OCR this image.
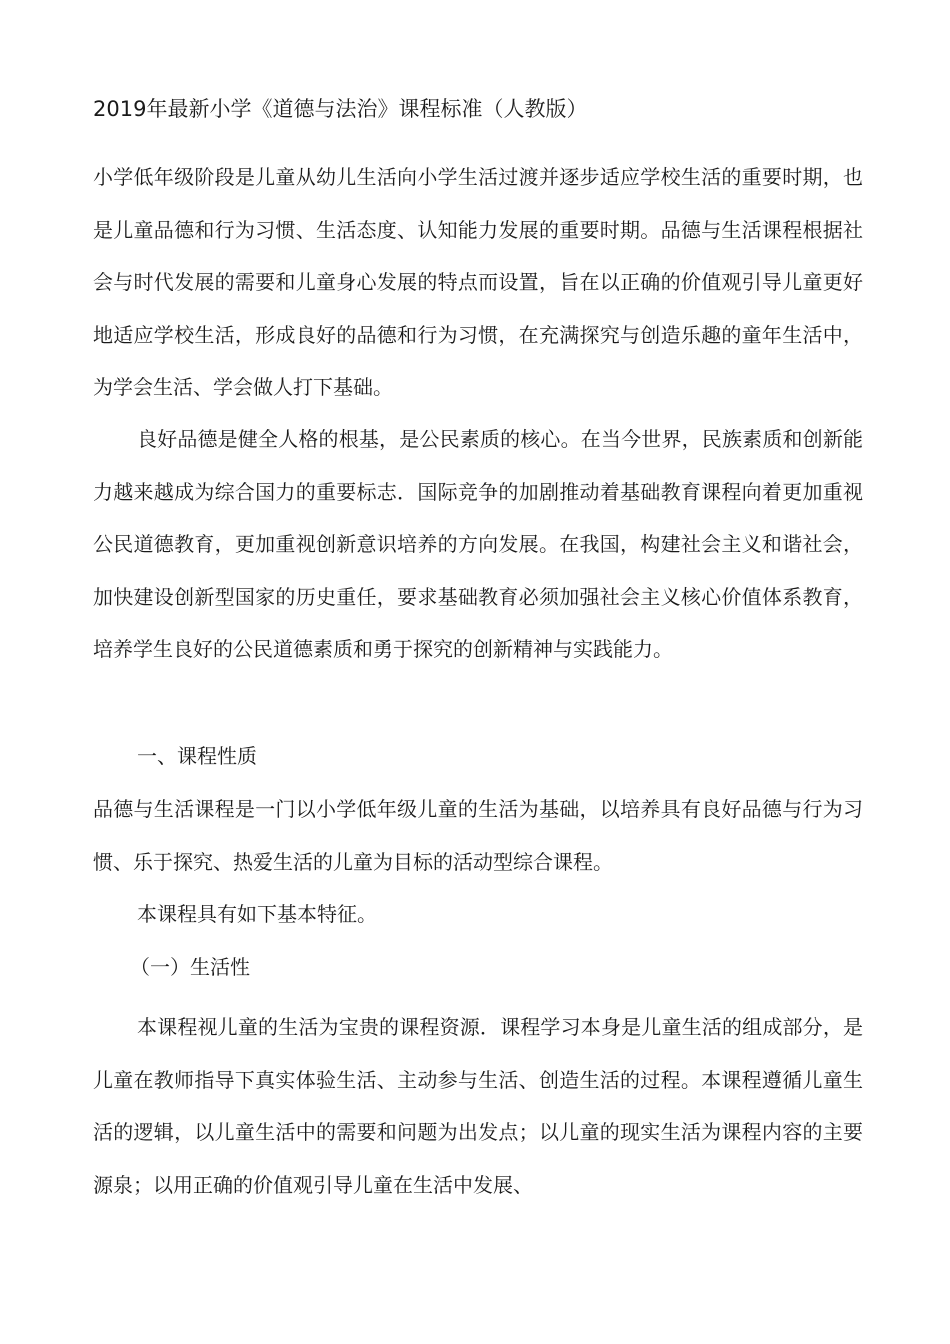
2019年最新小学《道德与法治》课程标准（人教版）

小学低年级阶段是儿童从幼儿生活向小学生活过渡并逐步适应学校生活的重要时期，也是儿童品德和行为习惯、生活态度、认知能力发展的重要时期。品德与生活课程根据社会与时代发展的需要和儿童身心发展的特点而设置，旨在以正确的价值观引导儿童更好地适应学校生活，形成良好的品德和行为习惯，在充满探究与创造乐趣的童年生活中，为学会生活、学会做人打下基础。

良好品德是健全人格的根基，是公民素质的核心。在当今世界，民族素质和创新能力越来越成为综合国力的重要标志．国际竞争的加剧推动着基础教育课程向着更加重视公民道德教育，更加重视创新意识培养的方向发展。在我国，构建社会主义和谐社会，加快建设创新型国家的历史重任，要求基础教育必须加强社会主义核心价值体系教育，培养学生良好的公民道德素质和勇于探究的创新精神与实践能力。

一、课程性质

品德与生活课程是一门以小学低年级儿童的生活为基础，以培养具有良好品德与行为习惯、乐于探究、热爱生活的儿童为目标的活动型综合课程。

本课程具有如下基本特征。

（一）生活性

本课程视儿童的生活为宝贵的课程资源．课程学习本身是儿童生活的组成部分，是儿童在教师指导下真实体验生活、主动参与生活、创造生活的过程。本课程遵循儿童生活的逻辑，以儿童生活中的需要和问题为出发点；以儿童的现实生活为课程内容的主要源泉；以用正确的价值观引导儿童在生活中发展、
